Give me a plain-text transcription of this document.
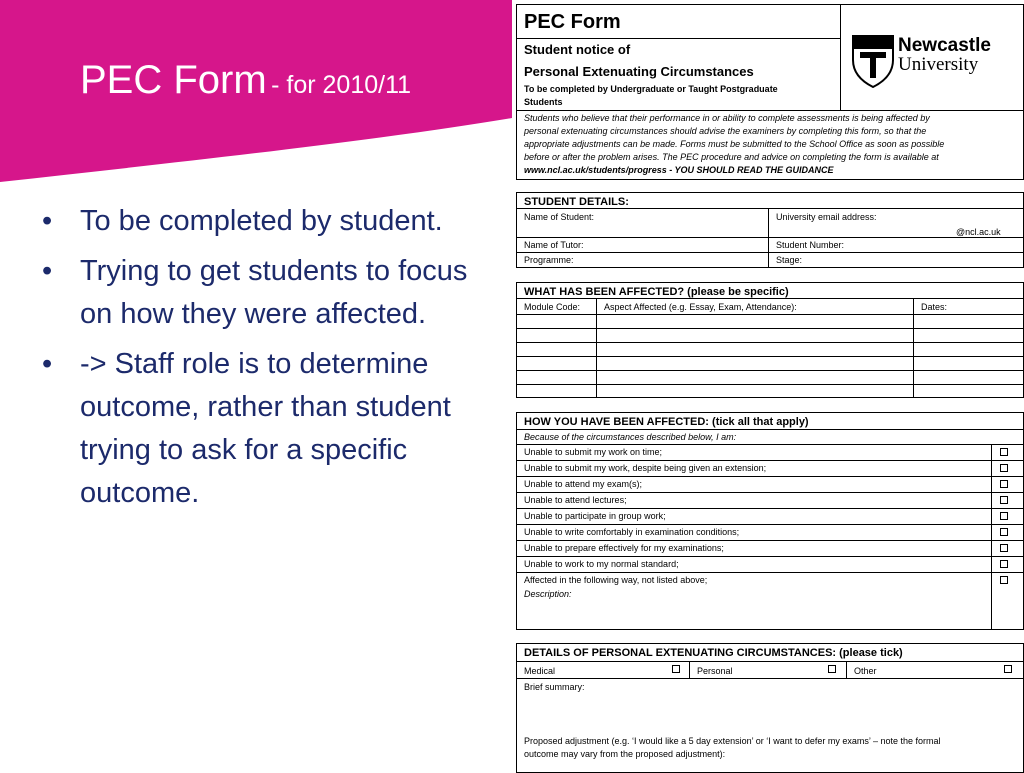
PEC Form - for 2010/11
• To be completed by student.
• Trying to get students to focus on how they were affected.
• -> Staff role is to determine outcome, rather than student trying to ask for a specific outcome.
PEC Form
Student notice of
Personal Extenuating Circumstances
To be completed by Undergraduate or Taught Postgraduate
Students
Newcastle
University
Students who believe that their performance in or ability to complete assessments is being affected by
personal extenuating circumstances should advise the examiners by completing this form, so that the
appropriate adjustments can be made. Forms must be submitted to the School Office as soon as possible
before or after the problem arises. The PEC procedure and advice on completing the form is available at
www.ncl.ac.uk/students/progress - YOU SHOULD READ THE GUIDANCE
STUDENT DETAILS:
Name of Student:	University email address:
@ncl.ac.uk
Name of Tutor:	Student Number:
Programme:	Stage:
WHAT HAS BEEN AFFECTED? (please be specific)
Module Code:	Aspect Affected (e.g. Essay, Exam, Attendance):	Dates:
HOW YOU HAVE BEEN AFFECTED: (tick all that apply)
Because of the circumstances described below, I am:
Unable to submit my work on time;
Unable to submit my work, despite being given an extension;
Unable to attend my exam(s);
Unable to attend lectures;
Unable to participate in group work;
Unable to write comfortably in examination conditions;
Unable to prepare effectively for my examinations;
Unable to work to my normal standard;
Affected in the following way, not listed above;
Description:
DETAILS OF PERSONAL EXTENUATING CIRCUMSTANCES: (please tick)
Medical	Personal	Other
Brief summary:
Proposed adjustment (e.g. ‘I would like a 5 day extension’ or ‘I want to defer my exams’ – note the formal
outcome may vary from the proposed adjustment):
